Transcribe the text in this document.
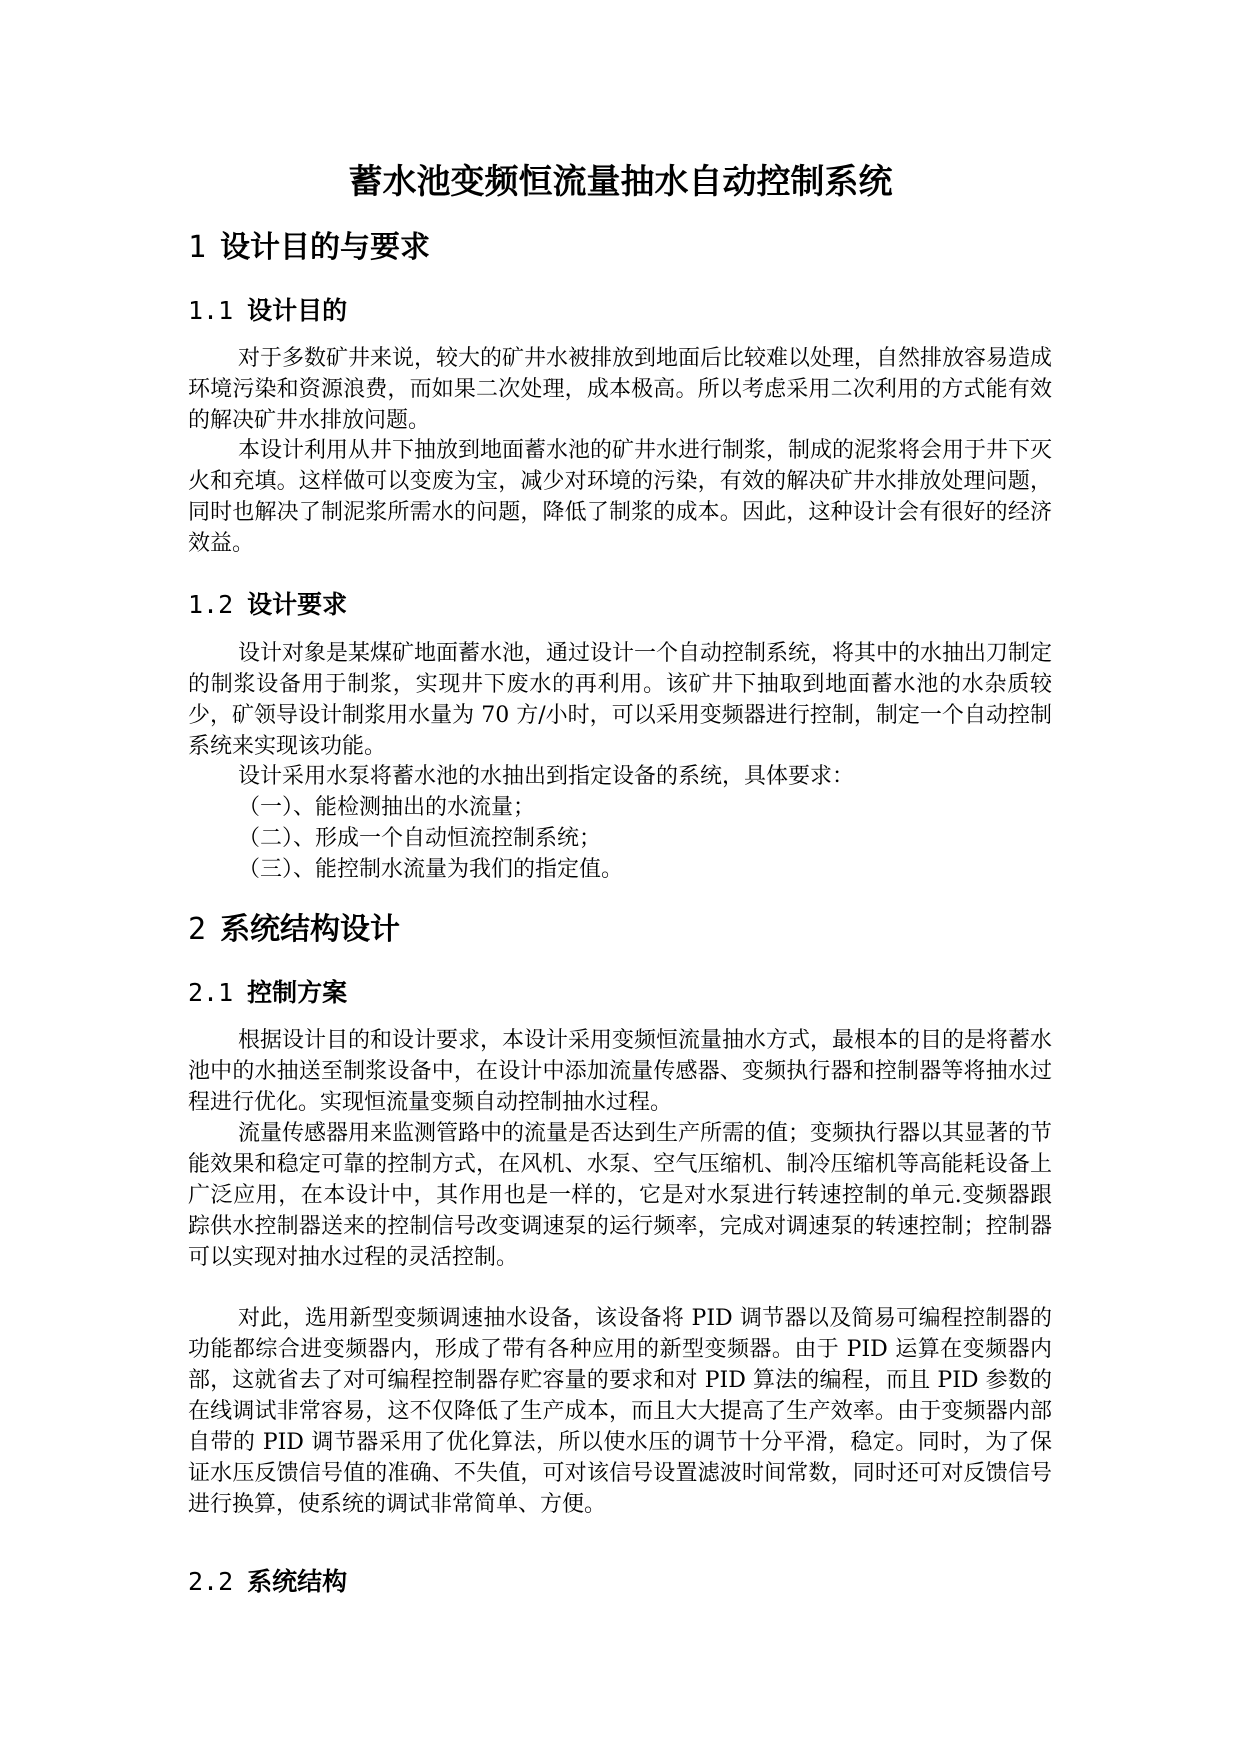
蓄水池变频恒流量抽水自动控制系统
1 设计目的与要求
1.1 设计目的

对于多数矿井来说，较大的矿井水被排放到地面后比较难以处理，自然排放容易造成环境污染和资源浪费，而如果二次处理，成本极高。所以考虑采用二次利用的方式能有效的解决矿井水排放问题。

本设计利用从井下抽放到地面蓄水池的矿井水进行制浆，制成的泥浆将会用于井下灭火和充填。这样做可以变废为宝，减少对环境的污染，有效的解决矿井水排放处理问题，同时也解决了制泥浆所需水的问题，降低了制浆的成本。因此，这种设计会有很好的经济效益。

1.2 设计要求

设计对象是某煤矿地面蓄水池，通过设计一个自动控制系统，将其中的水抽出刀制定的制浆设备用于制浆，实现井下废水的再利用。该矿井下抽取到地面蓄水池的水杂质较少，矿领导设计制浆用水量为 70 方/小时，可以采用变频器进行控制，制定一个自动控制系统来实现该功能。

设计采用水泵将蓄水池的水抽出到指定设备的系统，具体要求：

（一）、能检测抽出的水流量；

（二）、形成一个自动恒流控制系统；

（三）、能控制水流量为我们的指定值。

2 系统结构设计
2.1 控制方案

根据设计目的和设计要求，本设计采用变频恒流量抽水方式，最根本的目的是将蓄水池中的水抽送至制浆设备中，在设计中添加流量传感器、变频执行器和控制器等将抽水过程进行优化。实现恒流量变频自动控制抽水过程。

流量传感器用来监测管路中的流量是否达到生产所需的值；变频执行器以其显著的节能效果和稳定可靠的控制方式，在风机、水泵、空气压缩机、制冷压缩机等高能耗设备上广泛应用，在本设计中，其作用也是一样的，它是对水泵进行转速控制的单元.变频器跟踪供水控制器送来的控制信号改变调速泵的运行频率，完成对调速泵的转速控制；控制器可以实现对抽水过程的灵活控制。

对此，选用新型变频调速抽水设备，该设备将 PID 调节器以及简易可编程控制器的功能都综合进变频器内，形成了带有各种应用的新型变频器。由于 PID 运算在变频器内部，这就省去了对可编程控制器存贮容量的要求和对 PID 算法的编程，而且 PID 参数的在线调试非常容易，这不仅降低了生产成本，而且大大提高了生产效率。由于变频器内部自带的 PID 调节器采用了优化算法，所以使水压的调节十分平滑，稳定。同时，为了保证水压反馈信号值的准确、不失值，可对该信号设置滤波时间常数，同时还可对反馈信号进行换算，使系统的调试非常简单、方便。

2.2 系统结构
